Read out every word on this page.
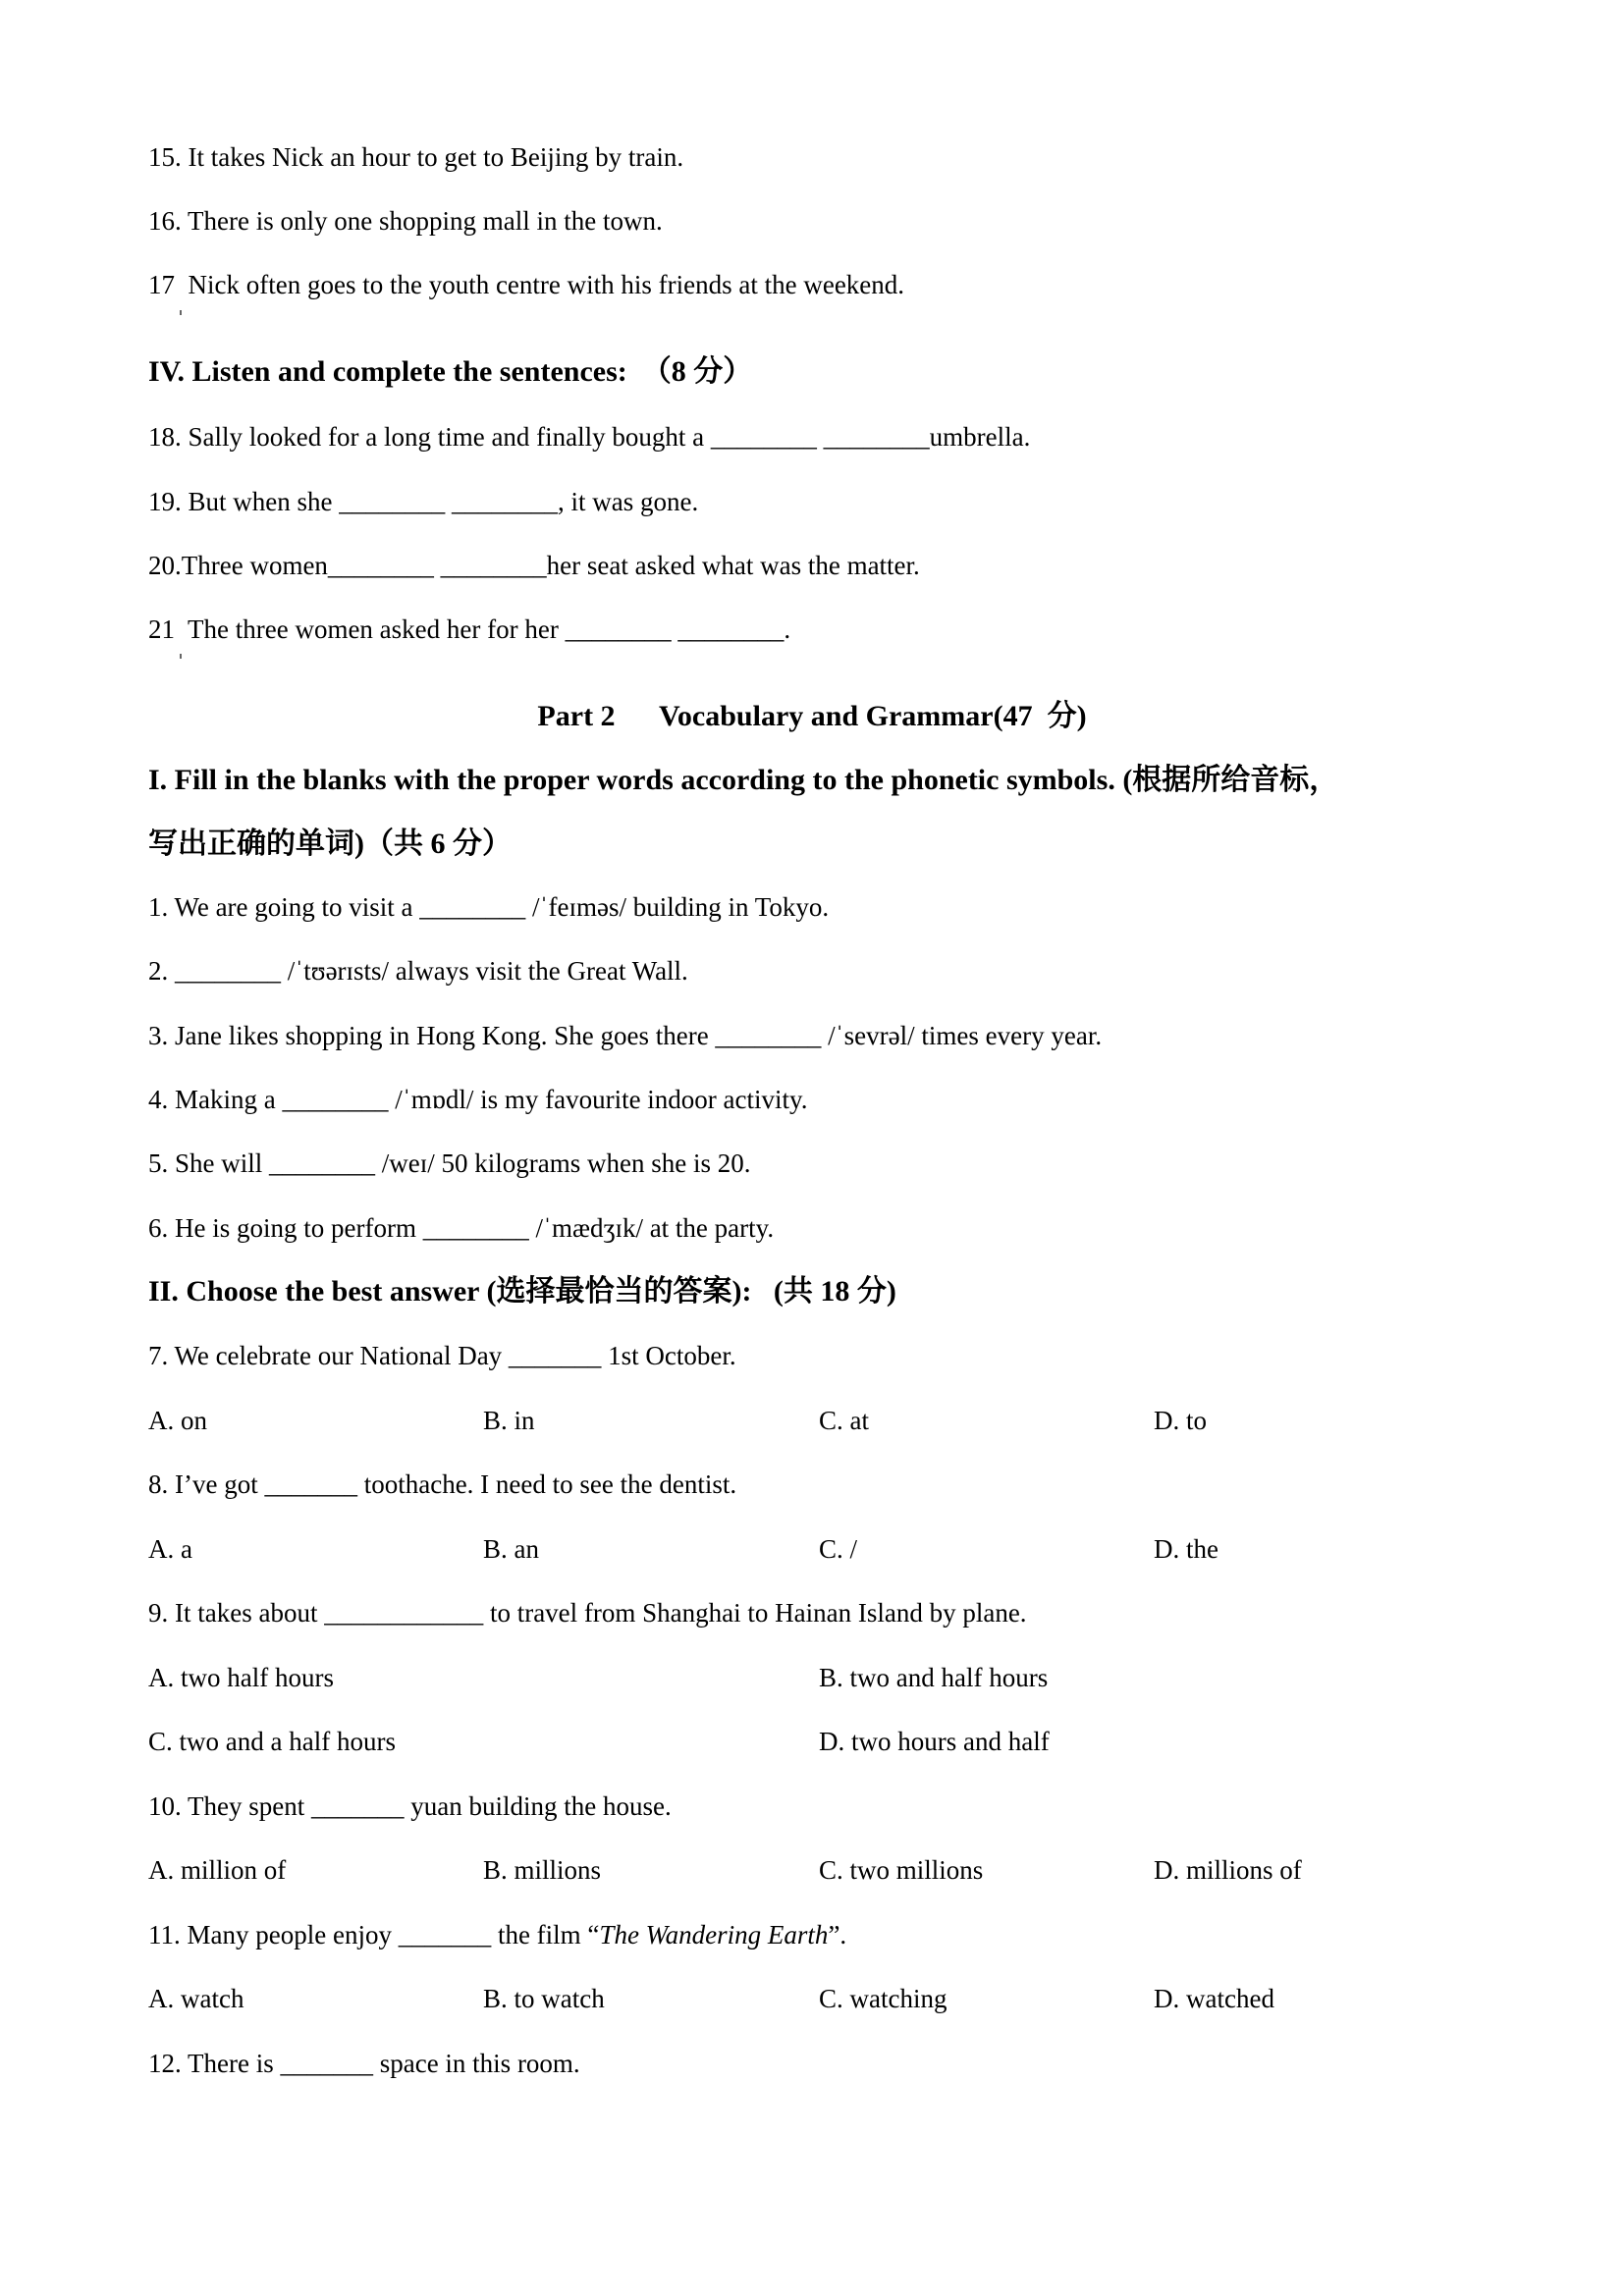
15. It takes Nick an hour to get to Beijing by train.
16. There is only one shopping mall in the town.
17  Nick often goes to the youth centre with his friends at the weekend.
IV. Listen and complete the sentences:  （8 分）
18. Sally looked for a long time and finally bought a ________ ________umbrella.
19. But when she ________ ________, it was gone.
20.Three women________ ________her seat asked what was the matter.
21  The three women asked her for her ________ ________.
Part 2      Vocabulary and Grammar(47  分)
I. Fill in the blanks with the proper words according to the phonetic symbols. (根据所给音标，
写出正确的单词)（共 6 分）
1. We are going to visit a ________ /ˈfeɪməs/ building in Tokyo.
2. ________ /ˈtʊərɪsts/ always visit the Great Wall.
3. Jane likes shopping in Hong Kong. She goes there ________ /ˈsevrəl/ times every year.
4. Making a ________ /ˈmɒdl/ is my favourite indoor activity.
5. She will ________ /weɪ/ 50 kilograms when she is 20.
6. He is going to perform ________ /ˈmædʒɪk/ at the party.
II. Choose the best answer (选择最恰当的答案):   (共 18 分)
7. We celebrate our National Day _______ 1st October.
A. on	B. in	C. at	D. to
8. I’ve got _______ toothache. I need to see the dentist.
A. a	B. an	C. /	D. the
9. It takes about ____________ to travel from Shanghai to Hainan Island by plane.
A. two half hours	B. two and half hours
C. two and a half hours	D. two hours and half
10. They spent _______ yuan building the house.
A. million of	B. millions	C. two millions	D. millions of
11. Many people enjoy _______ the film “The Wandering Earth”.
A. watch	B. to watch	C. watching	D. watched
12. There is _______ space in this room.
